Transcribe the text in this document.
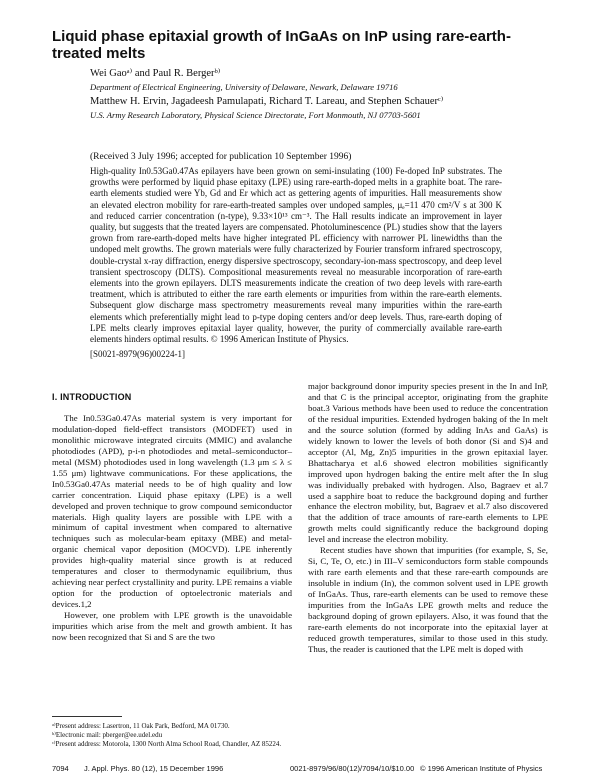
Liquid phase epitaxial growth of InGaAs on InP using rare-earth-treated melts
Wei Gaoᵃ⁾ and Paul R. Bergerᵇ⁾
Department of Electrical Engineering, University of Delaware, Newark, Delaware 19716
Matthew H. Ervin, Jagadeesh Pamulapati, Richard T. Lareau, and Stephen Schauerᶜ⁾
U.S. Army Research Laboratory, Physical Science Directorate, Fort Monmouth, NJ 07703-5601
(Received 3 July 1996; accepted for publication 10 September 1996)

High-quality In0.53Ga0.47As epilayers have been grown on semi-insulating (100) Fe-doped InP substrates. The growths were performed by liquid phase epitaxy (LPE) using rare-earth-doped melts in a graphite boat. The rare-earth elements studied were Yb, Gd and Er which act as gettering agents of impurities. Hall measurements show an elevated electron mobility for rare-earth-treated samples over undoped samples, μₑ=11 470 cm²/V s at 300 K and reduced carrier concentration (n-type), 9.33×10¹³ cm⁻³. The Hall results indicate an improvement in layer quality, but suggests that the treated layers are compensated. Photoluminescence (PL) studies show that the layers grown from rare-earth-doped melts have higher integrated PL efficiency with narrower PL linewidths than the undoped melt growths. The grown materials were fully characterized by Fourier transform infrared spectroscopy, double-crystal x-ray diffraction, energy dispersive spectroscopy, secondary-ion-mass spectroscopy, and deep level transient spectroscopy (DLTS). Compositional measurements reveal no measurable incorporation of rare-earth elements into the grown epilayers. DLTS measurements indicate the creation of two deep levels with rare-earth treatment, which is attributed to either the rare earth elements or impurities from within the rare-earth elements. Subsequent glow discharge mass spectrometry measurements reveal many impurities within the rare-earth elements which preferentially might lead to p-type doping centers and/or deep levels. Thus, rare-earth doping of LPE melts clearly improves epitaxial layer quality, however, the purity of commercially available rare-earth elements hinders optimal results. © 1996 American Institute of Physics.

[S0021-8979(96)00224-1]
I. INTRODUCTION

The In0.53Ga0.47As material system is very important for modulation-doped field-effect transistors (MODFET) used in monolithic microwave integrated circuits (MMIC) and avalanche photodiodes (APD), p-i-n photodiodes and metal–semiconductor–metal (MSM) photodiodes used in long wavelength (1.3 μm ≤ λ ≤ 1.55 μm) lightwave communications. For these applications, the In0.53Ga0.47As material needs to be of high quality and low carrier concentration. Liquid phase epitaxy (LPE) is a well developed and proven technique to grow compound semiconductor materials. High quality layers are possible with LPE with a minimum of capital investment when compared to alternative techniques such as molecular-beam epitaxy (MBE) and metal-organic chemical vapor deposition (MOCVD). LPE inherently provides high-quality material since growth is at reduced temperatures and closer to thermodynamic equilibrium, thus achieving near perfect crystallinity and purity. LPE remains a viable option for the production of optoelectronic materials and devices.1,2

However, one problem with LPE growth is the unavoidable impurities which arise from the melt and growth ambient. It has now been recognized that Si and S are the two

major background donor impurity species present in the In and InP, and that C is the principal acceptor, originating from the graphite boat.3 Various methods have been used to reduce the concentration of the residual impurities. Extended hydrogen baking of the In melt and the source solution (formed by adding InAs and GaAs) is widely known to lower the levels of both donor (Si and S)4 and acceptor (Al, Mg, Zn)5 impurities in the grown epitaxial layer. Bhattacharya et al.6 showed electron mobilities significantly improved upon hydrogen baking the entire melt after the In slug was individually prebaked with hydrogen. Also, Bagraev et al.7 used a sapphire boat to reduce the background doping and further enhance the electron mobility, but, Bagraev et al.7 also discovered that the addition of trace amounts of rare-earth elements to LPE growth melts could significantly reduce the background doping level and increase the electron mobility.

Recent studies have shown that impurities (for example, S, Se, Si, C, Te, O, etc.) in III–V semiconductors form stable compounds with rare earth elements and that these rare-earth compounds are insoluble in indium (In), the common solvent used in LPE growth of InGaAs. Thus, rare-earth elements can be used to remove these impurities from the InGaAs LPE growth melts and reduce the background doping of grown epilayers. Also, it was found that the rare-earth elements do not incorporate into the epitaxial layer at reduced growth temperatures, similar to those used in this study. Thus, the reader is cautioned that the LPE melt is doped with

ᵃ⁾Present address: Lasertron, 11 Oak Park, Bedford, MA 01730.
ᵇ⁾Electronic mail: pberger@ee.udel.edu
ᶜ⁾Present address: Motorola, 1300 North Alma School Road, Chandler, AZ 85224.
7094 J. Appl. Phys. 80 (12), 15 December 1996	0021-8979/96/80(12)/7094/10/$10.00 © 1996 American Institute of Physics
